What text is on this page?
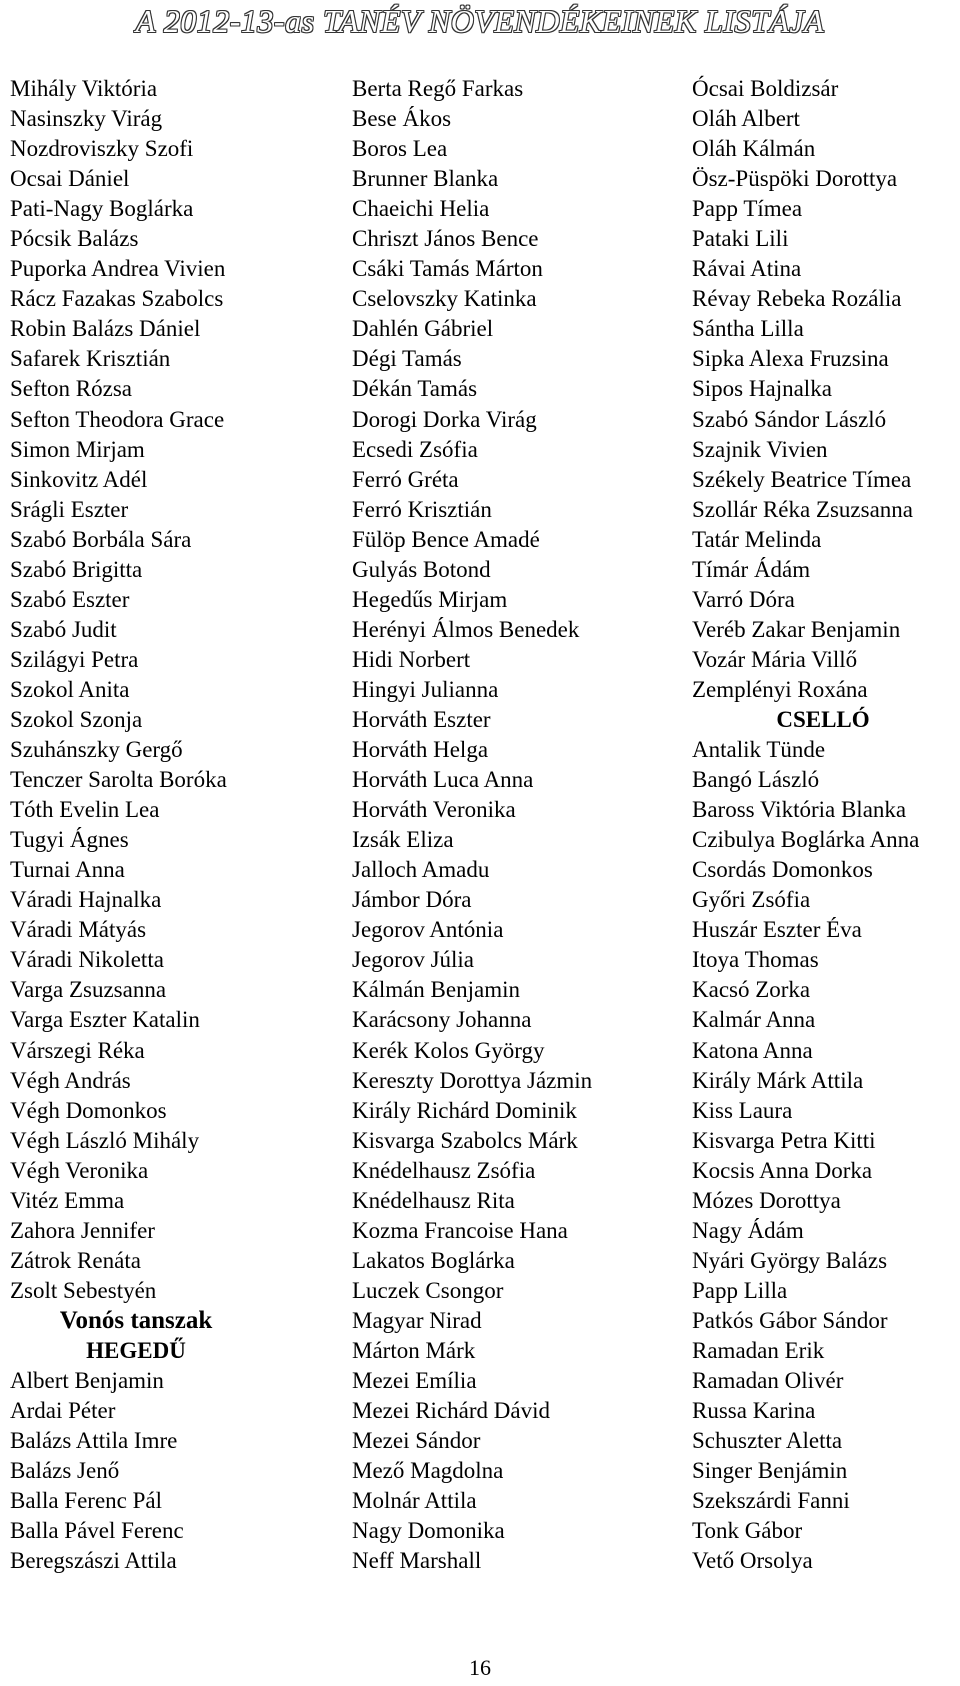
A 2012-13-as TANÉV NÖVENDÉKEINEK LISTÁJA
Mihály Viktória
Nasinszky Virág
Nozdroviszky Szofi
Ocsai Dániel
Pati-Nagy Boglárka
Pócsik Balázs
Puporka Andrea Vivien
Rácz Fazakas Szabolcs
Robin Balázs Dániel
Safarek Krisztián
Sefton Rózsa
Sefton Theodora Grace
Simon Mirjam
Sinkovitz Adél
Srágli Eszter
Szabó Borbála Sára
Szabó Brigitta
Szabó Eszter
Szabó Judit
Szilágyi Petra
Szokol Anita
Szokol Szonja
Szuhánszky Gergő
Tenczer Sarolta Boróka
Tóth Evelin Lea
Tugyi Ágnes
Turnai Anna
Váradi Hajnalka
Váradi Mátyás
Váradi Nikoletta
Varga Zsuzsanna
Varga Eszter Katalin
Várszegi Réka
Végh András
Végh Domonkos
Végh László Mihály
Végh Veronika
Vitéz Emma
Zahora Jennifer
Zátrok Renáta
Zsolt Sebestyén
Vonós tanszak
HEGEDŰ
Albert Benjamin
Ardai Péter
Balázs Attila Imre
Balázs Jenő
Balla Ferenc Pál
Balla Pável Ferenc
Beregszászi Attila
Berta Regő Farkas
Bese Ákos
Boros Lea
Brunner Blanka
Chaeichi Helia
Chriszt János Bence
Csáki Tamás Márton
Cselovszky Katinka
Dahlén Gábriel
Dégi Tamás
Dékán Tamás
Dorogi Dorka Virág
Ecsedi Zsófia
Ferró Gréta
Ferró Krisztián
Fülöp Bence Amadé
Gulyás Botond
Hegedűs Mirjam
Herényi Álmos Benedek
Hidi Norbert
Hingyi Julianna
Horváth Eszter
Horváth Helga
Horváth Luca Anna
Horváth Veronika
Izsák Eliza
Jalloch Amadu
Jámbor Dóra
Jegorov Antónia
Jegorov Júlia
Kálmán Benjamin
Karácsony Johanna
Kerék Kolos György
Kereszty Dorottya Jázmin
Király Richárd Dominik
Kisvarga Szabolcs Márk
Knédelhausz Zsófia
Knédelhausz Rita
Kozma Francoise Hana
Lakatos Boglárka
Luczek Csongor
Magyar Nirad
Márton Márk
Mezei Emília
Mezei Richárd Dávid
Mezei Sándor
Mező Magdolna
Molnár Attila
Nagy Domonika
Neff Marshall
Ócsai Boldizsár
Oláh Albert
Oláh Kálmán
Ösz-Püspöki Dorottya
Papp Tímea
Pataki Lili
Rávai Atina
Révay Rebeka Rozália
Sántha Lilla
Sipka Alexa Fruzsina
Sipos Hajnalka
Szabó Sándor László
Szajnik Vivien
Székely Beatrice Tímea
Szollár Réka Zsuzsanna
Tatár Melinda
Tímár Ádám
Varró Dóra
Veréb Zakar Benjamin
Vozár Mária Villő
Zemplényi Roxána
CSELLÓ
Antalik Tünde
Bangó László
Baross Viktória Blanka
Czibulya Boglárka Anna
Csordás Domonkos
Győri Zsófia
Huszár Eszter Éva
Itoya Thomas
Kacsó Zorka
Kalmár Anna
Katona Anna
Király Márk Attila
Kiss Laura
Kisvarga Petra Kitti
Kocsis Anna Dorka
Mózes Dorottya
Nagy Ádám
Nyári György Balázs
Papp Lilla
Patkós Gábor Sándor
Ramadan Erik
Ramadan Olivér
Russa Karina
Schuszter Aletta
Singer Benjámin
Szekszárdi Fanni
Tonk Gábor
Vető Orsolya
16
